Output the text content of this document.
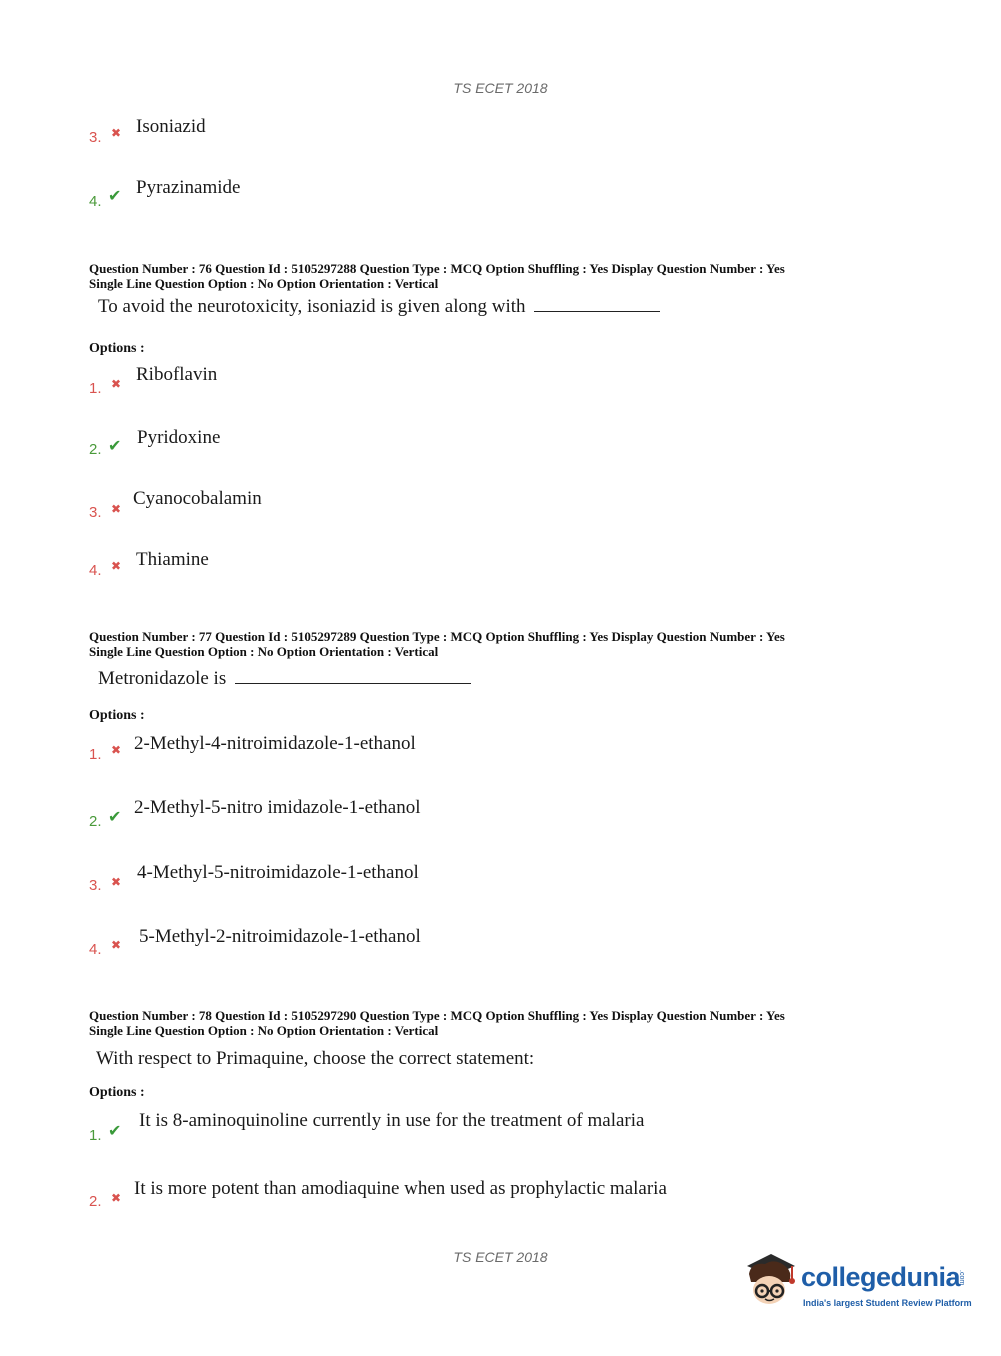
TS ECET 2018
3. ✖ Isoniazid
4. ✔ Pyrazinamide
Question Number : 76 Question Id : 5105297288 Question Type : MCQ Option Shuffling : Yes Display Question Number : Yes
Single Line Question Option : No Option Orientation : Vertical
To avoid the neurotoxicity, isoniazid is given along with
Options :
1. ✖ Riboflavin
2. ✔ Pyridoxine
3. ✖ Cyanocobalamin
4. ✖ Thiamine
Question Number : 77 Question Id : 5105297289 Question Type : MCQ Option Shuffling : Yes Display Question Number : Yes
Single Line Question Option : No Option Orientation : Vertical
Metronidazole is
Options :
1. ✖ 2-Methyl-4-nitroimidazole-1-ethanol
2. ✔ 2-Methyl-5-nitro imidazole-1-ethanol
3. ✖ 4-Methyl-5-nitroimidazole-1-ethanol
4. ✖ 5-Methyl-2-nitroimidazole-1-ethanol
Question Number : 78 Question Id : 5105297290 Question Type : MCQ Option Shuffling : Yes Display Question Number : Yes
Single Line Question Option : No Option Orientation : Vertical
With respect to Primaquine, choose the correct statement:
Options :
1. ✔ It is 8-aminoquinoline currently in use for the treatment of malaria
2. ✖ It is more potent than amodiaquine when used as prophylactic malaria
TS ECET 2018
collegedunia
.com
India's largest Student Review Platform
